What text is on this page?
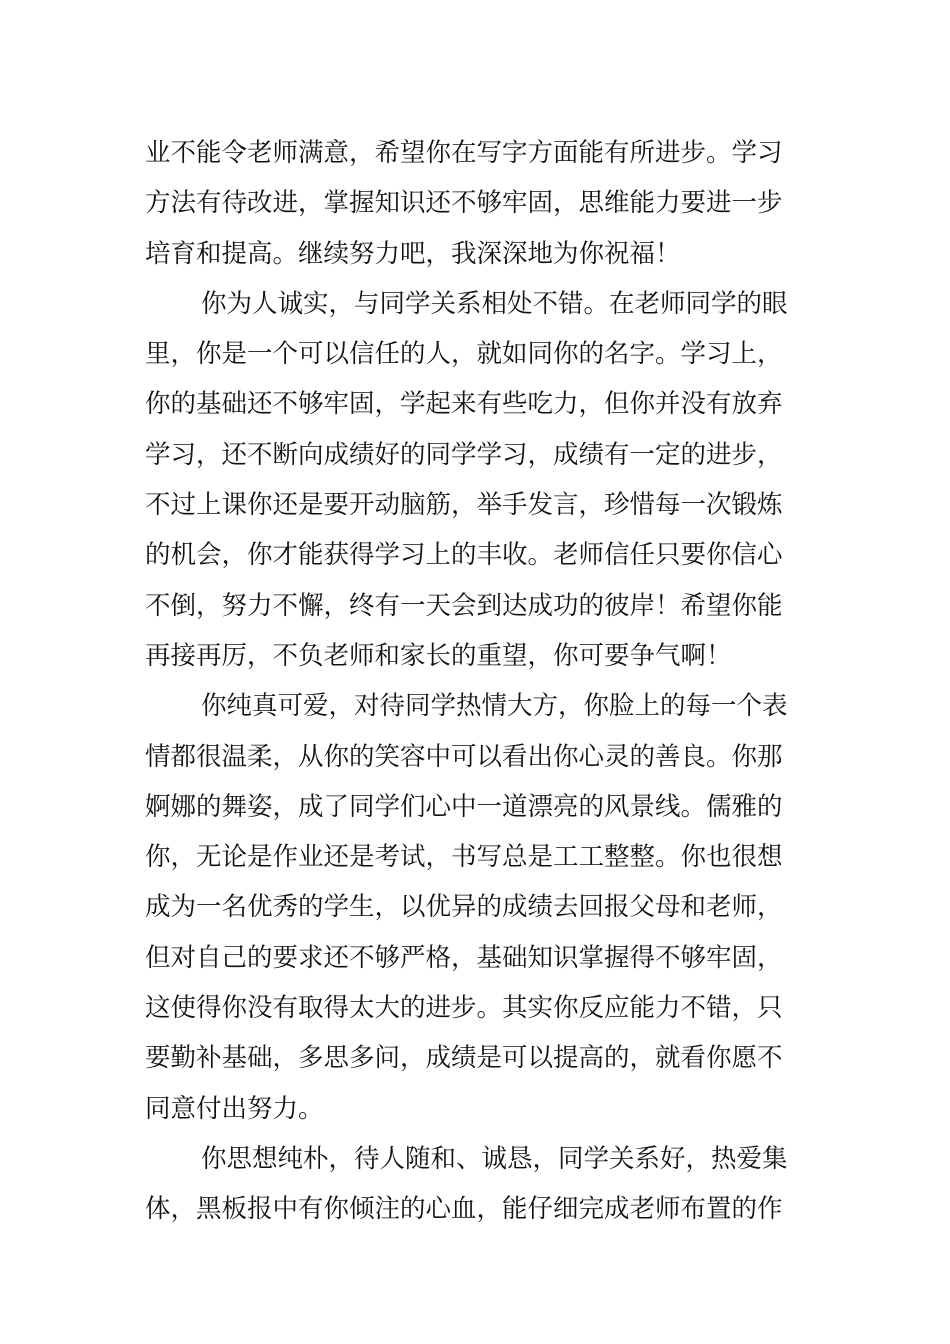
业不能令老师满意，希望你在写字方面能有所进步。学习
方法有待改进，掌握知识还不够牢固，思维能力要进一步
培育和提高。继续努力吧，我深深地为你祝福！
你为人诚实，与同学关系相处不错。在老师同学的眼
里，你是一个可以信任的人，就如同你的名字。学习上，
你的基础还不够牢固，学起来有些吃力，但你并没有放弃
学习，还不断向成绩好的同学学习，成绩有一定的进步，
不过上课你还是要开动脑筋，举手发言，珍惜每一次锻炼
的机会，你才能获得学习上的丰收。老师信任只要你信心
不倒，努力不懈，终有一天会到达成功的彼岸！希望你能
再接再厉，不负老师和家长的重望，你可要争气啊！
你纯真可爱，对待同学热情大方，你脸上的每一个表
情都很温柔，从你的笑容中可以看出你心灵的善良。你那
婀娜的舞姿，成了同学们心中一道漂亮的风景线。儒雅的
你，无论是作业还是考试，书写总是工工整整。你也很想
成为一名优秀的学生，以优异的成绩去回报父母和老师，
但对自己的要求还不够严格，基础知识掌握得不够牢固，
这使得你没有取得太大的进步。其实你反应能力不错，只
要勤补基础，多思多问，成绩是可以提高的，就看你愿不
同意付出努力。
你思想纯朴，待人随和、诚恳，同学关系好，热爱集
体，黑板报中有你倾注的心血，能仔细完成老师布置的作
